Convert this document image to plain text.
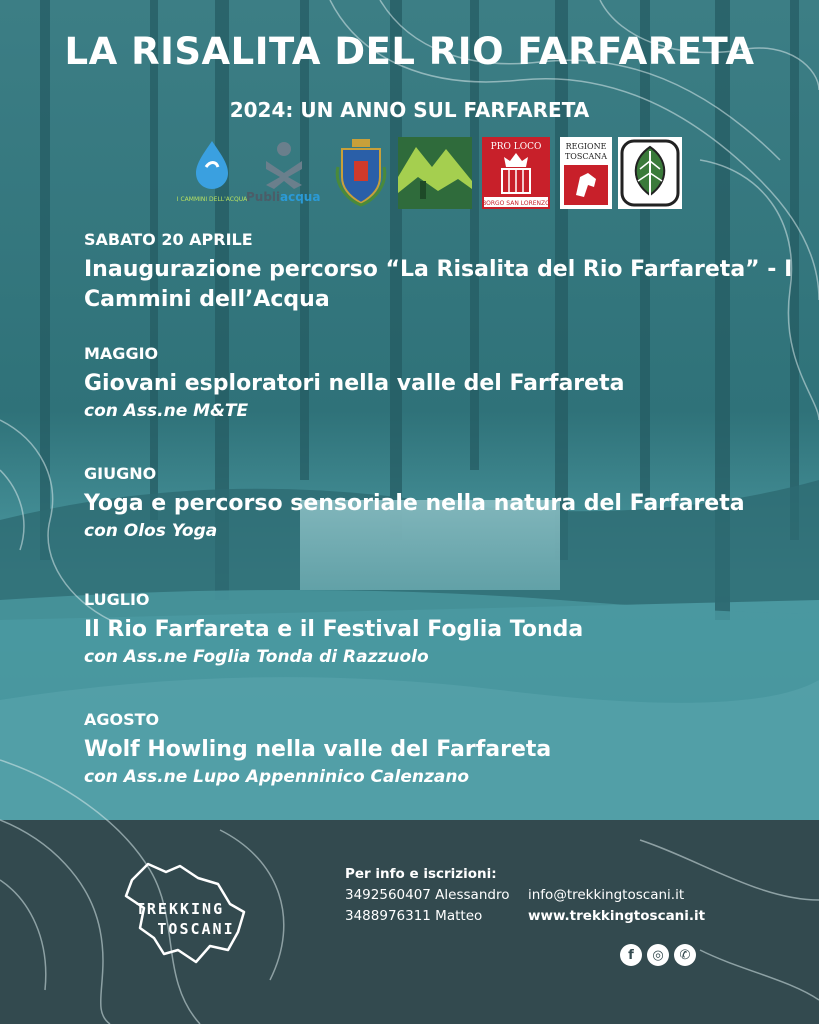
LA RISALITA DEL RIO FARFARETA
2024: UN ANNO SUL FARFARETA
I CAMMINI DELL'ACQUA
Publi acqua
PRO LOCO
BORGO SAN LORENZO
REGIONE
TOSCANA
SABATO 20 APRILE
Inaugurazione percorso “La Risalita del Rio Farfareta” - I Cammini dell’Acqua
MAGGIO
Giovani esploratori nella valle del Farfareta
con Ass.ne M&TE
GIUGNO
Yoga e percorso sensoriale nella natura del Farfareta
con Olos Yoga
LUGLIO
Il Rio Farfareta e il Festival Foglia Tonda
con Ass.ne Foglia Tonda di Razzuolo
AGOSTO
Wolf Howling nella valle del Farfareta
con Ass.ne Lupo Appenninico Calenzano
TREKKING
TOSCANI
Per info e iscrizioni:
3492560407 Alessandro
3488976311 Matteo
info@trekkingtoscani.it
www.trekkingtoscani.it
f	◎	✆
